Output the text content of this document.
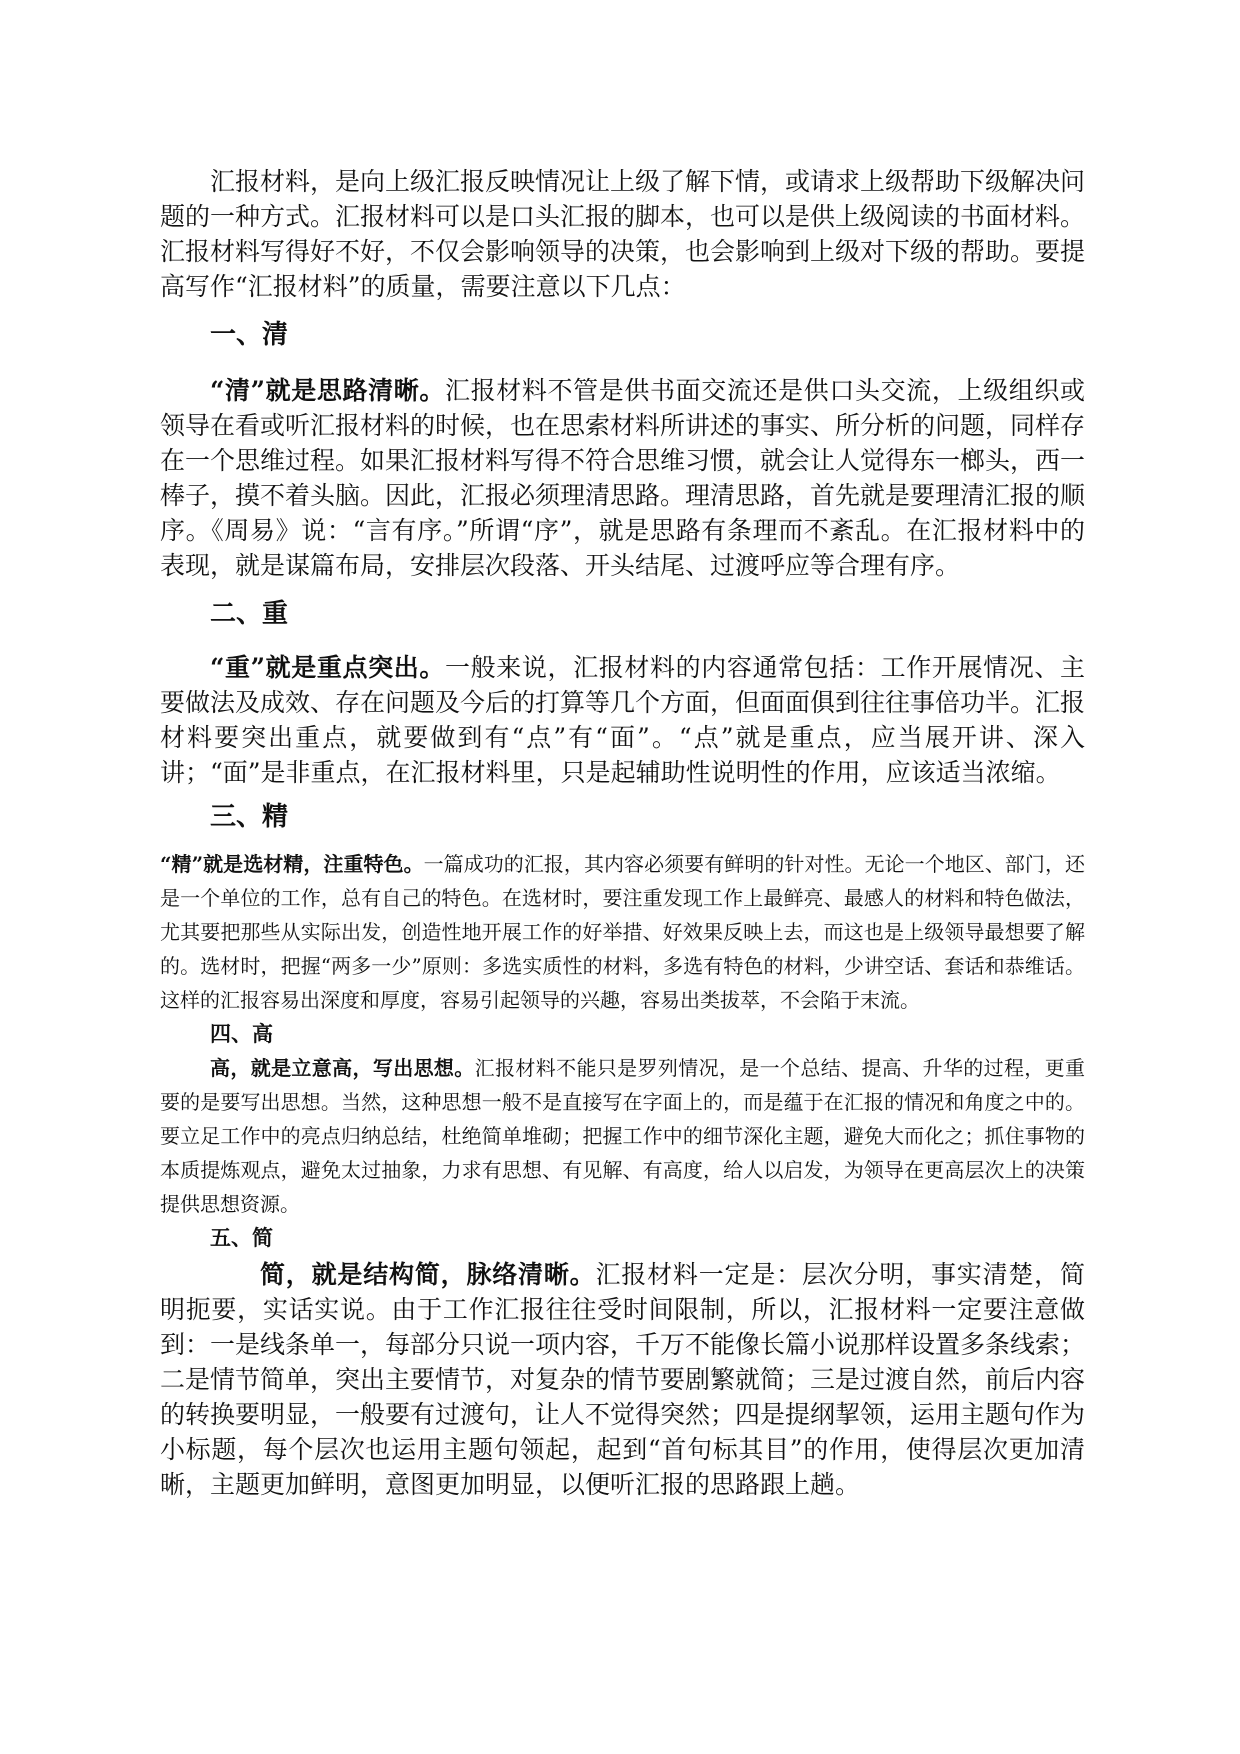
汇报材料，是向上级汇报反映情况让上级了解下情，或请求上级帮助下级解决问题的一种方式。汇报材料可以是口头汇报的脚本，也可以是供上级阅读的书面材料。汇报材料写得好不好，不仅会影响领导的决策，也会影响到上级对下级的帮助。要提高写作“汇报材料”的质量，需要注意以下几点：

一、清

“清”就是思路清晰。汇报材料不管是供书面交流还是供口头交流，上级组织或领导在看或听汇报材料的时候，也在思索材料所讲述的事实、所分析的问题，同样存在一个思维过程。如果汇报材料写得不符合思维习惯，就会让人觉得东一榔头，西一棒子，摸不着头脑。因此，汇报必须理清思路。理清思路，首先就是要理清汇报的顺序。《周易》说：“言有序。”所谓“序”，就是思路有条理而不紊乱。在汇报材料中的表现，就是谋篇布局，安排层次段落、开头结尾、过渡呼应等合理有序。

二、重

“重”就是重点突出。一般来说，汇报材料的内容通常包括：工作开展情况、主要做法及成效、存在问题及今后的打算等几个方面，但面面俱到往往事倍功半。汇报材料要突出重点，就要做到有“点”有“面”。“点”就是重点，应当展开讲、深入讲；“面”是非重点，在汇报材料里，只是起辅助性说明性的作用，应该适当浓缩。

三、精

“精”就是选材精，注重特色。一篇成功的汇报，其内容必须要有鲜明的针对性。无论一个地区、部门，还是一个单位的工作，总有自己的特色。在选材时，要注重发现工作上最鲜亮、最感人的材料和特色做法，尤其要把那些从实际出发，创造性地开展工作的好举措、好效果反映上去，而这也是上级领导最想要了解的。选材时，把握“两多一少”原则：多选实质性的材料，多选有特色的材料，少讲空话、套话和恭维话。这样的汇报容易出深度和厚度，容易引起领导的兴趣，容易出类拔萃，不会陷于末流。

四、高

高，就是立意高，写出思想。汇报材料不能只是罗列情况，是一个总结、提高、升华的过程，更重要的是要写出思想。当然，这种思想一般不是直接写在字面上的，而是蕴于在汇报的情况和角度之中的。要立足工作中的亮点归纳总结，杜绝简单堆砌；把握工作中的细节深化主题，避免大而化之；抓住事物的本质提炼观点，避免太过抽象，力求有思想、有见解、有高度，给人以启发，为领导在更高层次上的决策提供思想资源。

五、简

简，就是结构简，脉络清晰。汇报材料一定是：层次分明，事实清楚，简明扼要，实话实说。由于工作汇报往往受时间限制，所以，汇报材料一定要注意做到：一是线条单一，每部分只说一项内容，千万不能像长篇小说那样设置多条线索；二是情节简单，突出主要情节，对复杂的情节要剧繁就简；三是过渡自然，前后内容的转换要明显，一般要有过渡句，让人不觉得突然；四是提纲挈领，运用主题句作为小标题，每个层次也运用主题句领起，起到“首句标其目”的作用，使得层次更加清晰，主题更加鲜明，意图更加明显，以便听汇报的思路跟上趟。
